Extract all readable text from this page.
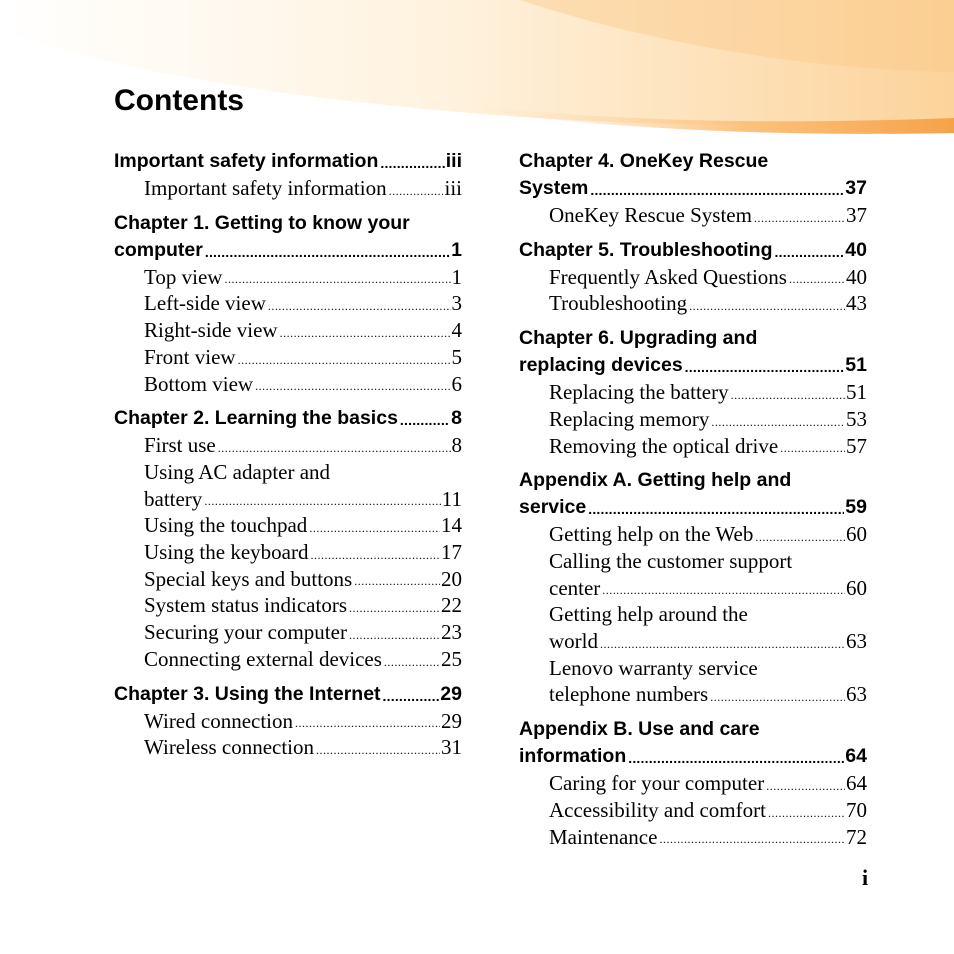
Contents
Important safety information .....	iii
Important safety information .....	iii
Chapter 1. Getting to know your
computer .....	1
Top view .....	1
Left-side view .....	3
Right-side view .....	4
Front view .....	5
Bottom view .....	6
Chapter 2. Learning the basics .....	8
First use .....	8
Using AC adapter and
battery .....	11
Using the touchpad .....	14
Using the keyboard .....	17
Special keys and buttons .....	20
System status indicators .....	22
Securing your computer .....	23
Connecting external devices .....	25
Chapter 3. Using the Internet .....	29
Wired connection .....	29
Wireless connection .....	31
Chapter 4. OneKey Rescue
System .....	37
OneKey Rescue System .....	37
Chapter 5. Troubleshooting .....	40
Frequently Asked Questions .....	40
Troubleshooting .....	43
Chapter 6. Upgrading and
replacing devices .....	51
Replacing the battery .....	51
Replacing memory .....	53
Removing the optical drive .....	57
Appendix A. Getting help and
service .....	59
Getting help on the Web .....	60
Calling the customer support
center .....	60
Getting help around the
world .....	63
Lenovo warranty service
telephone numbers .....	63
Appendix B. Use and care
information .....	64
Caring for your computer .....	64
Accessibility and comfort .....	70
Maintenance .....	72
i
